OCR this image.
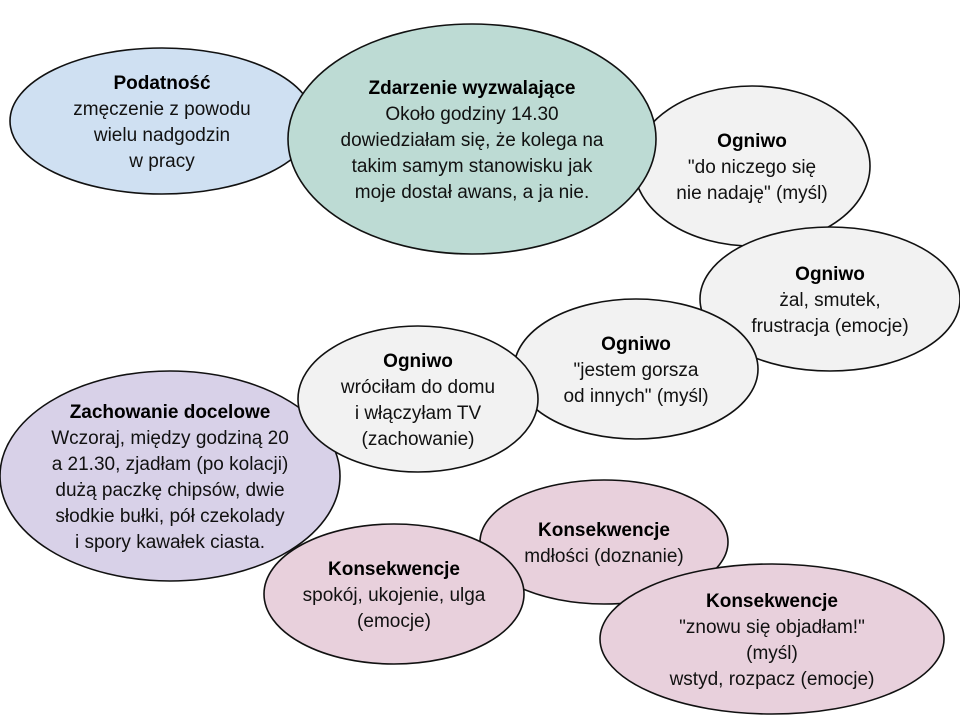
Podatność
zmęczenie z powodu
wielu nadgodzin
w pracy
Ogniwo
"do niczego się
nie nadaję" (myśl)
Zdarzenie wyzwalające
Około godziny 14.30
dowiedziałam się, że kolega na
takim samym stanowisku jak
moje dostał awans, a ja nie.
Ogniwo
żal, smutek,
frustracja (emocje)
Ogniwo
"jestem gorsza
od innych" (myśl)
Zachowanie docelowe
Wczoraj, między godziną 20
a 21.30, zjadłam (po kolacji)
dużą paczkę chipsów, dwie
słodkie bułki, pół czekolady
i spory kawałek ciasta.
Ogniwo
wróciłam do domu
i włączyłam TV
(zachowanie)
Konsekwencje
mdłości (doznanie)
Konsekwencje
"znowu się objadłam!"
(myśl)
wstyd, rozpacz (emocje)
Konsekwencje
spokój, ukojenie, ulga
(emocje)
